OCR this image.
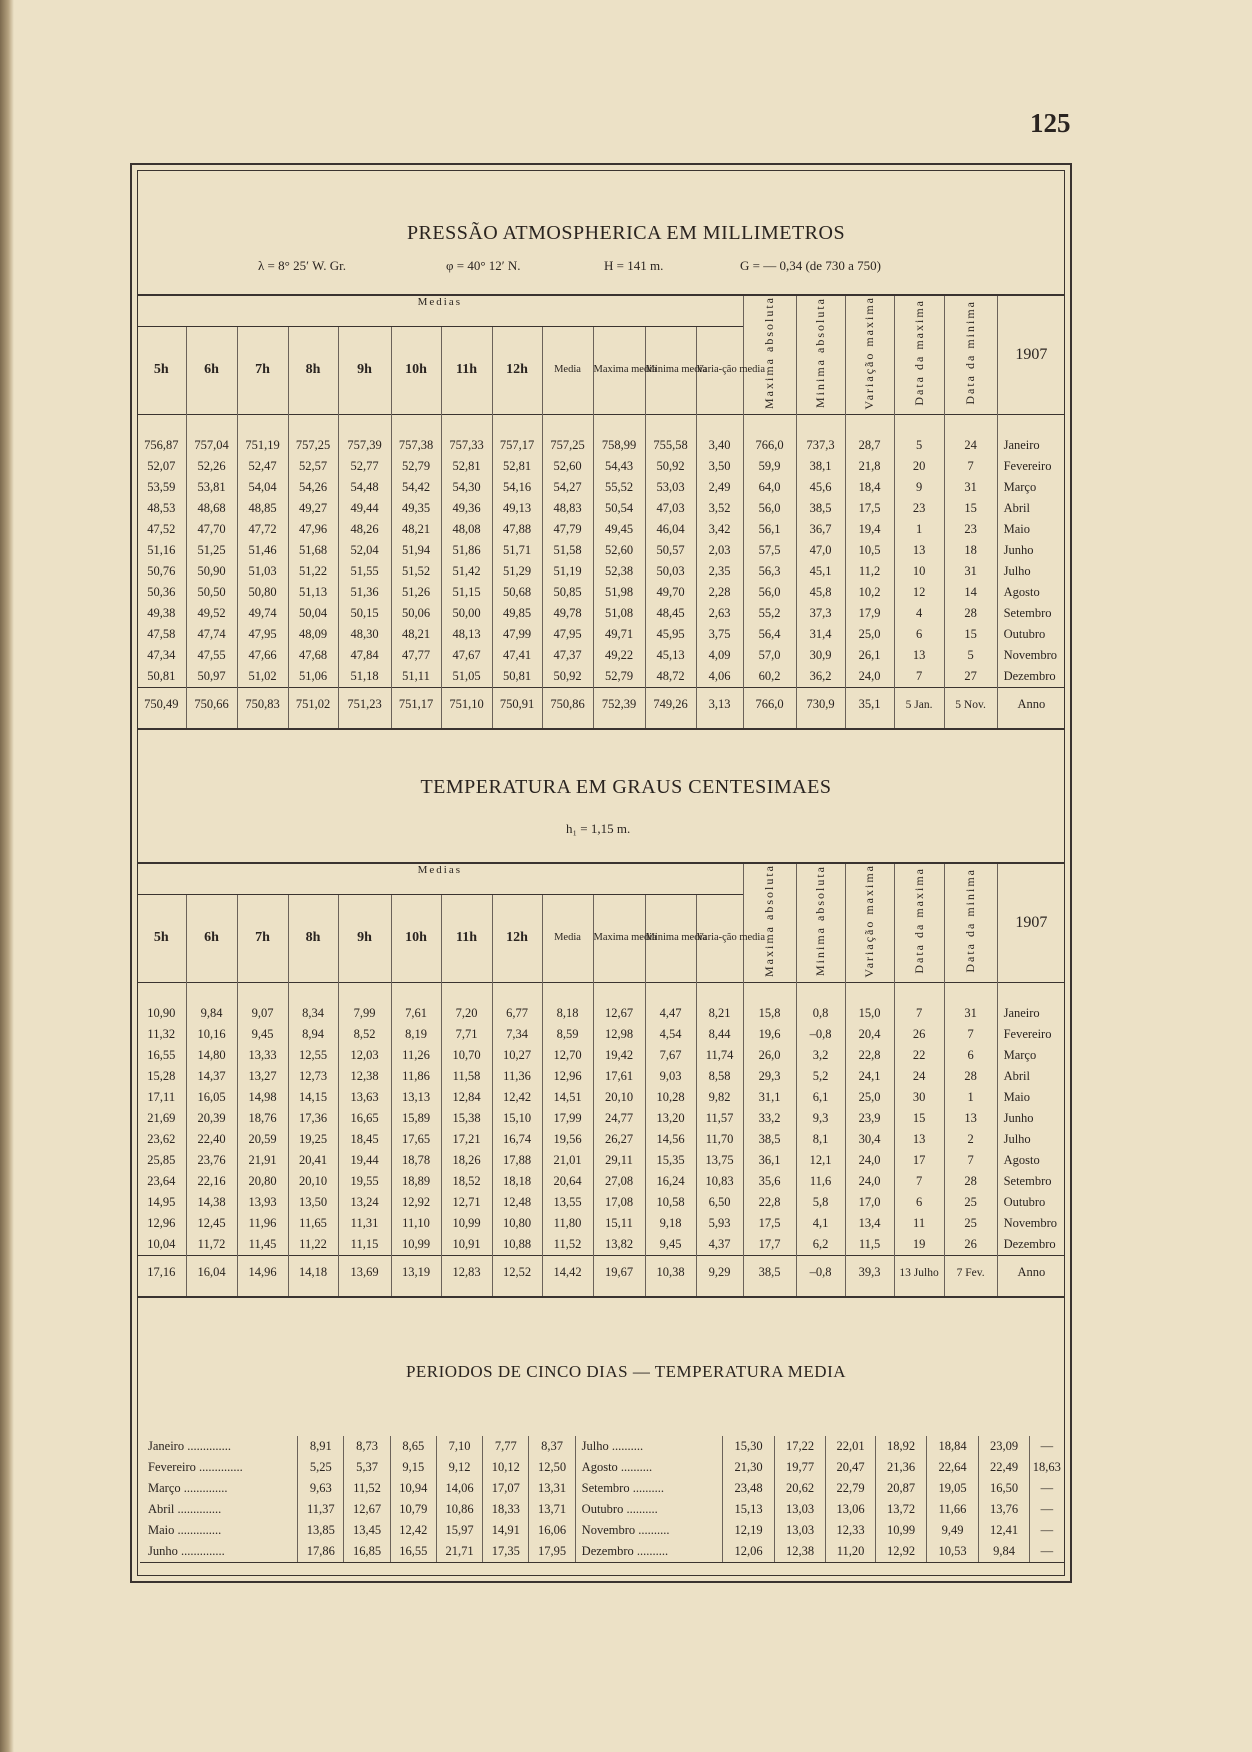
125
PRESSÃO ATMOSPHERICA EM MILLIMETROS
λ = 8° 25′ W. Gr.	φ = 40° 12′ N.	H = 141 m.	G = — 0,34 (de 730 a 750)
Medias												Maxima absoluta	Minima absoluta	Variação maxima	Data da maxima	Data da minima	1907
5h	6h	7h	8h	9h	10h	11h	12h	Media	Maxima media	Minima media	Varia-ção media						

756,87	757,04	751,19	757,25	757,39	757,38	757,33	757,17	757,25	758,99	755,58	3,40	766,0	737,3	28,7	5	24	Janeiro
52,07	52,26	52,47	52,57	52,77	52,79	52,81	52,81	52,60	54,43	50,92	3,50	59,9	38,1	21,8	20	7	Fevereiro
53,59	53,81	54,04	54,26	54,48	54,42	54,30	54,16	54,27	55,52	53,03	2,49	64,0	45,6	18,4	9	31	Março
48,53	48,68	48,85	49,27	49,44	49,35	49,36	49,13	48,83	50,54	47,03	3,52	56,0	38,5	17,5	23	15	Abril
47,52	47,70	47,72	47,96	48,26	48,21	48,08	47,88	47,79	49,45	46,04	3,42	56,1	36,7	19,4	1	23	Maio
51,16	51,25	51,46	51,68	52,04	51,94	51,86	51,71	51,58	52,60	50,57	2,03	57,5	47,0	10,5	13	18	Junho
50,76	50,90	51,03	51,22	51,55	51,52	51,42	51,29	51,19	52,38	50,03	2,35	56,3	45,1	11,2	10	31	Julho
50,36	50,50	50,80	51,13	51,36	51,26	51,15	50,68	50,85	51,98	49,70	2,28	56,0	45,8	10,2	12	14	Agosto
49,38	49,52	49,74	50,04	50,15	50,06	50,00	49,85	49,78	51,08	48,45	2,63	55,2	37,3	17,9	4	28	Setembro
47,58	47,74	47,95	48,09	48,30	48,21	48,13	47,99	47,95	49,71	45,95	3,75	56,4	31,4	25,0	6	15	Outubro
47,34	47,55	47,66	47,68	47,84	47,77	47,67	47,41	47,37	49,22	45,13	4,09	57,0	30,9	26,1	13	5	Novembro
50,81	50,97	51,02	51,06	51,18	51,11	51,05	50,81	50,92	52,79	48,72	4,06	60,2	36,2	24,0	7	27	Dezembro
750,49	750,66	750,83	751,02	751,23	751,17	751,10	750,91	750,86	752,39	749,26	3,13	766,0	730,9	35,1	5 Jan.	5 Nov.	Anno

TEMPERATURA EM GRAUS CENTESIMAES
h₁ = 1,15 m.
Medias												Maxima absoluta	Minima absoluta	Variação maxima	Data da maxima	Data da minima	1907
5h	6h	7h	8h	9h	10h	11h	12h	Media	Maxima media	Minima media	Varia-ção media						

10,90	9,84	9,07	8,34	7,99	7,61	7,20	6,77	8,18	12,67	4,47	8,21	15,8	0,8	15,0	7	31	Janeiro
11,32	10,16	9,45	8,94	8,52	8,19	7,71	7,34	8,59	12,98	4,54	8,44	19,6	–0,8	20,4	26	7	Fevereiro
16,55	14,80	13,33	12,55	12,03	11,26	10,70	10,27	12,70	19,42	7,67	11,74	26,0	3,2	22,8	22	6	Março
15,28	14,37	13,27	12,73	12,38	11,86	11,58	11,36	12,96	17,61	9,03	8,58	29,3	5,2	24,1	24	28	Abril
17,11	16,05	14,98	14,15	13,63	13,13	12,84	12,42	14,51	20,10	10,28	9,82	31,1	6,1	25,0	30	1	Maio
21,69	20,39	18,76	17,36	16,65	15,89	15,38	15,10	17,99	24,77	13,20	11,57	33,2	9,3	23,9	15	13	Junho
23,62	22,40	20,59	19,25	18,45	17,65	17,21	16,74	19,56	26,27	14,56	11,70	38,5	8,1	30,4	13	2	Julho
25,85	23,76	21,91	20,41	19,44	18,78	18,26	17,88	21,01	29,11	15,35	13,75	36,1	12,1	24,0	17	7	Agosto
23,64	22,16	20,80	20,10	19,55	18,89	18,52	18,18	20,64	27,08	16,24	10,83	35,6	11,6	24,0	7	28	Setembro
14,95	14,38	13,93	13,50	13,24	12,92	12,71	12,48	13,55	17,08	10,58	6,50	22,8	5,8	17,0	6	25	Outubro
12,96	12,45	11,96	11,65	11,31	11,10	10,99	10,80	11,80	15,11	9,18	5,93	17,5	4,1	13,4	11	25	Novembro
10,04	11,72	11,45	11,22	11,15	10,99	10,91	10,88	11,52	13,82	9,45	4,37	17,7	6,2	11,5	19	26	Dezembro
17,16	16,04	14,96	14,18	13,69	13,19	12,83	12,52	14,42	19,67	10,38	9,29	38,5	–0,8	39,3	13 Julho	7 Fev.	Anno

PERIODOS DE CINCO DIAS — TEMPERATURA MEDIA
Janeiro ..............	8,91	8,73	8,65	7,10	7,77	8,37	Julho ..........	15,30	17,22	22,01	18,92	18,84	23,09	—
Fevereiro ..............	5,25	5,37	9,15	9,12	10,12	12,50	Agosto ..........	21,30	19,77	20,47	21,36	22,64	22,49	18,63
Março ..............	9,63	11,52	10,94	14,06	17,07	13,31	Setembro ..........	23,48	20,62	22,79	20,87	19,05	16,50	—
Abril ..............	11,37	12,67	10,79	10,86	18,33	13,71	Outubro ..........	15,13	13,03	13,06	13,72	11,66	13,76	—
Maio ..............	13,85	13,45	12,42	15,97	14,91	16,06	Novembro ..........	12,19	13,03	12,33	10,99	9,49	12,41	—
Junho ..............	17,86	16,85	16,55	21,71	17,35	17,95	Dezembro ..........	12,06	12,38	11,20	12,92	10,53	9,84	—
